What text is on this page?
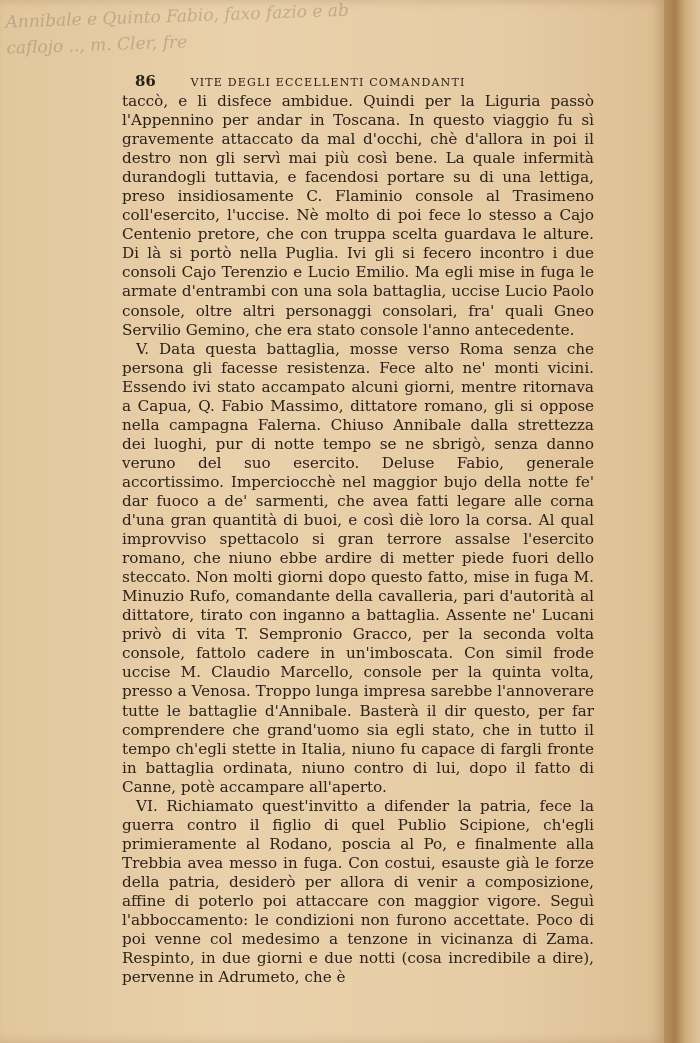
Annibale e Quinto Fabio, faxo fazio e ab
caflojo .., m. Cler, fre
86	VITE DEGLI ECCELLENTI COMANDANTI

taccò, e li disfece ambidue. Quindi per la Liguria passò l'Appennino per andar in Toscana. In questo viaggio fu sì gravemente attaccato da mal d'occhi, chè d'allora in poi il destro non gli servì mai più così bene. La quale infermità durandogli tuttavia, e facendosi portare su di una lettiga, preso insidiosamente C. Flaminio console al Trasimeno coll'esercito, l'uccise. Nè molto di poi fece lo stesso a Cajo Centenio pretore, che con truppa scelta guardava le alture. Di là si portò nella Puglia. Ivi gli si fecero incontro i due consoli Cajo Terenzio e Lucio Emilio. Ma egli mise in fuga le armate d'entrambi con una sola battaglia, uccise Lucio Paolo console, oltre altri personaggi consolari, fra' quali Gneo Servilio Gemino, che era stato console l'anno antecedente.

V. Data questa battaglia, mosse verso Roma senza che persona gli facesse resistenza. Fece alto ne' monti vicini. Essendo ivi stato accampato alcuni giorni, mentre ritornava a Capua, Q. Fabio Massimo, dittatore romano, gli si oppose nella campagna Falerna. Chiuso Annibale dalla strettezza dei luoghi, pur di notte tempo se ne sbrigò, senza danno veruno del suo esercito. Deluse Fabio, generale accortissimo. Imperciocchè nel maggior bujo della notte fe' dar fuoco a de' sarmenti, che avea fatti legare alle corna d'una gran quantità di buoi, e così diè loro la corsa. Al qual improvviso spettacolo si gran terrore assalse l'esercito romano, che niuno ebbe ardire di metter piede fuori dello steccato. Non molti giorni dopo questo fatto, mise in fuga M. Minuzio Rufo, comandante della cavalleria, pari d'autorità al dittatore, tirato con inganno a battaglia. Assente ne' Lucani privò di vita T. Sempronio Gracco, per la seconda volta console, fattolo cadere in un'imboscata. Con simil frode uccise M. Claudio Marcello, console per la quinta volta, presso a Venosa. Troppo lunga impresa sarebbe l'annoverare tutte le battaglie d'Annibale. Basterà il dir questo, per far comprendere che grand'uomo sia egli stato, che in tutto il tempo ch'egli stette in Italia, niuno fu capace di fargli fronte in battaglia ordinata, niuno contro di lui, dopo il fatto di Canne, potè accampare all'aperto.

VI. Richiamato quest'invitto a difender la patria, fece la guerra contro il figlio di quel Publio Scipione, ch'egli primieramente al Rodano, poscia al Po, e finalmente alla Trebbia avea messo in fuga. Con costui, esauste già le forze della patria, desiderò per allora di venir a composizione, affine di poterlo poi attaccare con maggior vigore. Seguì l'abboccamento: le condizioni non furono accettate. Poco di poi venne col medesimo a tenzone in vicinanza di Zama. Respinto, in due giorni e due notti (cosa incredibile a dire), pervenne in Adrumeto, che è
